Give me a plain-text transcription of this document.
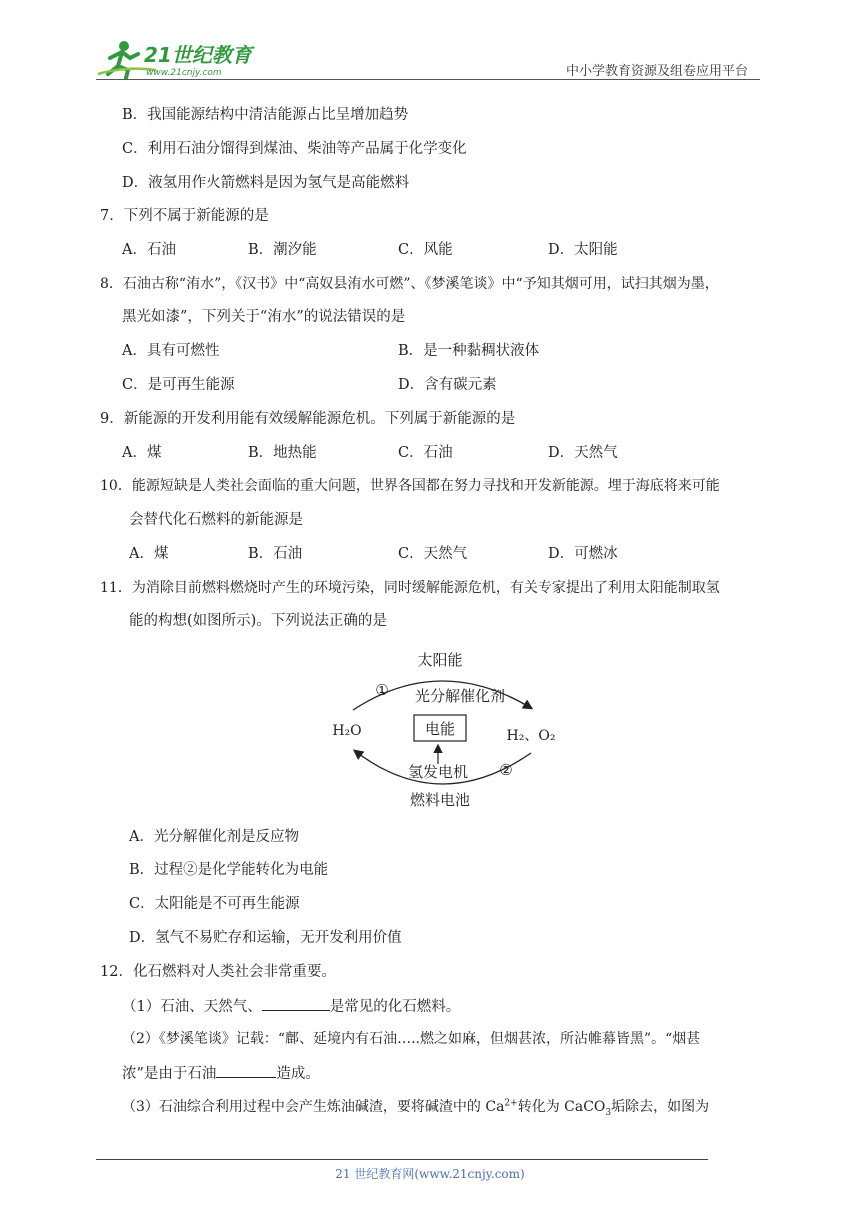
21世纪教育
www.21cnjy.com	中小学教育资源及组卷应用平台
B．我国能源结构中清洁能源占比呈增加趋势
C．利用石油分馏得到煤油、柴油等产品属于化学变化
D．液氢用作火箭燃料是因为氢气是高能燃料
7．下列不属于新能源的是
A．石油	B．潮汐能	C．风能	D．太阳能
8．石油古称“洧水”，《汉书》中“高奴县洧水可燃”、《梦溪笔谈》中“予知其烟可用，试扫其烟为墨，
黑光如漆”，下列关于“洧水”的说法错误的是
A．具有可燃性	B．是一种黏稠状液体
C．是可再生能源	D．含有碳元素
9．新能源的开发利用能有效缓解能源危机。下列属于新能源的是
A．煤	B．地热能	C．石油	D．天然气
10．能源短缺是人类社会面临的重大问题，世界各国都在努力寻找和开发新能源。埋于海底将来可能
会替代化石燃料的新能源是
A．煤	B．石油	C．天然气	D．可燃冰
11．为消除目前燃料燃烧时产生的环境污染，同时缓解能源危机，有关专家提出了利用太阳能制取氢
能的构想(如图所示)。下列说法正确的是
太阳能
① 光分解催化剂
H₂O	电能	H₂、O₂
氢发电机 ②
燃料电池
A．光分解催化剂是反应物
B．过程②是化学能转化为电能
C．太阳能是不可再生能源
D．氢气不易贮存和运输，无开发利用价值
12．化石燃料对人类社会非常重要。
（1）石油、天然气、	是常见的化石燃料。
（2）《梦溪笔谈》记载：“鄜、延境内有石油…..燃之如麻，但烟甚浓，所沾帷幕皆黑”。“烟甚
浓”是由于石油	造成。
（3）石油综合利用过程中会产生炼油碱渣，要将碱渣中的 $Ca^{2+}$转化为 CaCO$_3$垢除去，如图为
21 世纪教育网(www.21cnjy.com)
